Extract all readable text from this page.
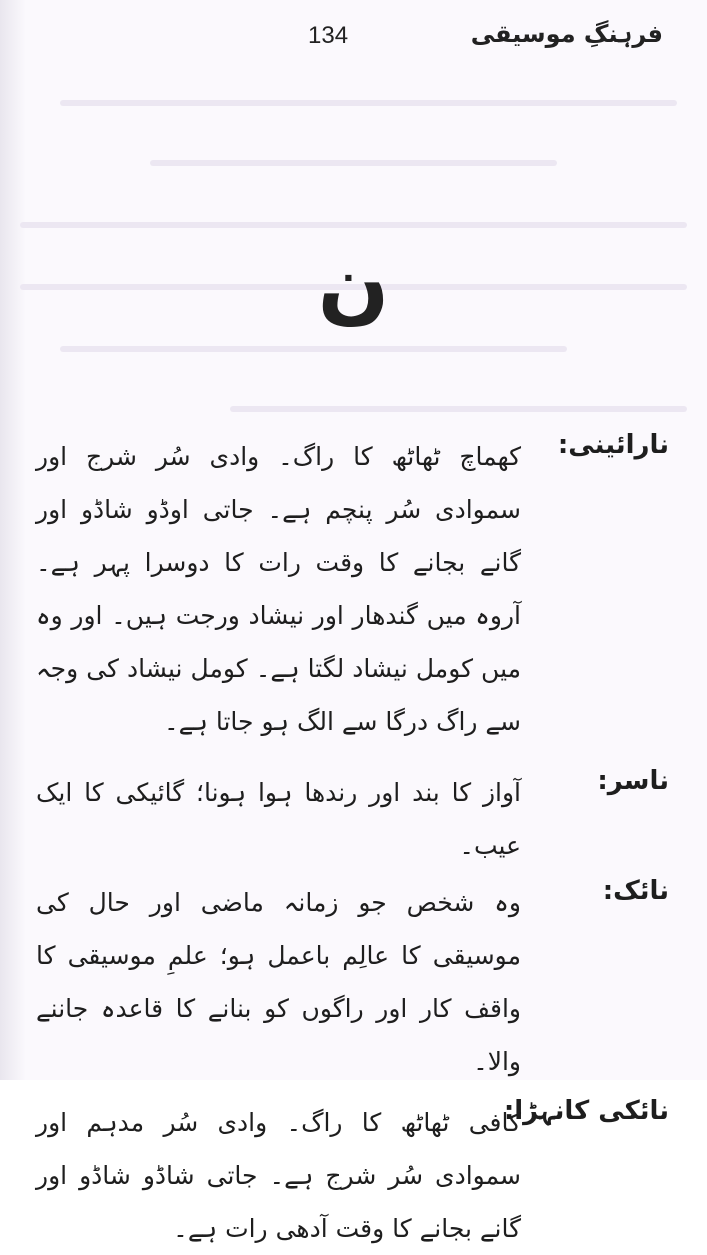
134	فرہنگِ موسیقی
ن
نارائینی:
کھماچ ٹھاٹھ کا راگ۔ وادی سُر شرج اور سموادی سُر پنچم ہے۔ جاتی اوڈو شاڈو اور گانے بجانے کا وقت رات کا دوسرا پہر ہے۔ آروہ میں گندھار اور نیشاد ورجت ہیں۔ اور وہ میں کومل نیشاد لگتا ہے۔ کومل نیشاد کی وجہ سے راگ درگا سے الگ ہو جاتا ہے۔
ناسر:
آواز کا بند اور رندھا ہوا ہونا؛ گائیکی کا ایک عیب۔
نائک:
وہ شخص جو زمانہ ماضی اور حال کی موسیقی کا عالِم باعمل ہو؛ علمِ موسیقی کا واقف کار اور راگوں کو بنانے کا قاعدہ جاننے والا۔
نائکی کانہڑا:
کافی ٹھاٹھ کا راگ۔ وادی سُر مدہم اور سموادی سُر شرج ہے۔ جاتی شاڈو شاڈو اور گانے بجانے کا وقت آدھی رات ہے۔
